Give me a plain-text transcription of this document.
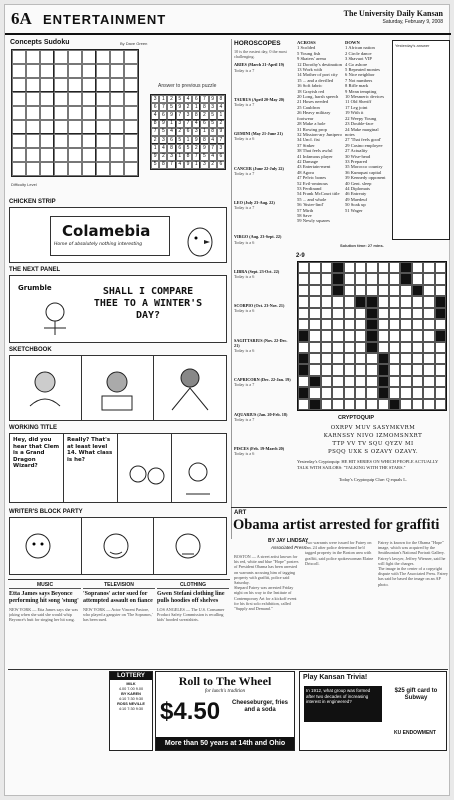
6A ENTERTAINMENT	The University Daily Kansan
Saturday, February 9, 2008
Concepts Sudoku	By Dave Green
Difficulty Level
Answer to previous puzzle
3	1	2	5	4	6	7	9	8
6	7	5	9	2	1	8	3	4
4	6	9	7	3	8	2	5	1
8	9	1	3	7	4	6	5	2
7	5	4	2	6	3	1	8	9
2	3	6	5	1	9	8	4	7
1	4	8	6	5	2	9	7	3
9	2	3	1	8	7	5	4	6
5	8	7	4	9	1	3	2	6
CHICKEN STRIP
Colamebia
Home of absolutely nothing interesting
THE NEXT PANEL
Grumble	SHALL I COMPARE THEE TO A WINTER'S DAY?
SKETCHBOOK
WORKING TITLE
Hey, did you hear that Clem is a Grand Dragon Wizard?
Really? That's at least level 14. What class is he?
WRITER'S BLOCK PARTY
HOROSCOPES
10 is the easiest day, 0 the most challenging.
ARIES (March 21-April 19)
Today is a 7
TAURUS (April 20-May 20)
Today is a 7
GEMINI (May 21-June 21)
Today is a 6
CANCER (June 22-July 22)
Today is a 7
LEO (July 23-Aug. 22)
Today is a 7
VIRGO (Aug. 23-Sept. 22)
Today is a 6
LIBRA (Sept. 23-Oct. 22)
Today is a 6
SCORPIO (Oct. 23-Nov. 21)
Today is a 6
SAGITTARIUS (Nov. 22-Dec. 21)
Today is a 6
CAPRICORN (Dec. 22-Jan. 19)
Today is a 7
AQUARIUS (Jan. 20-Feb. 18)
Today is a 7
PISCES (Feb. 19-March 20)
Today is a 6
ACROSS
1 Scolded
5 Young fish
9 Skaters' arena
12 Dorothy's destination
13 Work with
14 Mother of port city
15 ... and a devilled
16 Soft fabric
18 Grayish red
20 Long, harsh speech
21 Hoses needed
25 Cauldron
26 Heavy military footwear
28 Make a hole
31 Rowing prop
32 Mission-ary Junipero
34 Uncl. fist
37 Sinker
38 That feels awful
41 Infamous player
42 Damage
43 Entertain-ment
48 Agora
47 Pelvic bones
52 Evil-ominous
53 Ferdinand
54 Frank McCourt title
55 ... and whole
56 'Sister-lind'
57 Mirth
58 Save
59 Newly squares
DOWN
1 African nation
2 Circle dance
3 Shavuot VIP
4 Go ashore
5 Repeated monies
6 Nice neighbor
7 Not numbers
8 Rifle mark
9 Mean tempting
10 Mesmeric devices
11 Old Sheriff
17 Leg joint
19 With it
22 Weepy Young
23 Double-face
24 Make marginal notes
27 'That feels good'
29 Casino employee
27 Actuality
30 Wise-head
33 Prepared
35 Morocco country
36 Kumquat capital
39 Kennedy opponent
40 Gent. sleep
44 Diplomats
46 Entreaty
49 Maedeuf
50 Soak up
51 Wager
Solution time: 27 mins.
Yesterday's answer
2-9
CRYPTOQUIP
OXRPV MUV SASYMKVRM
KARNSSY NIVO IZMOMSNXRT
TTP VV TV SQU QYZV MI
PSQQ UXK S OZAVY OZAVY.
Yesterday's Cryptoquip: HE HIT SERIES ON WHICH PEOPLE ACTUALLY TALK WITH SAILORS: "TALKING WITH THE STARS."
Today's Cryptoquip Clue: Q equals L.
ART
Obama artist arrested for graffiti
BY JAY LINDSAY
Associated Press

BOSTON — A street artist known for his red, white and blue "Hope" posters of President Obama has been arrested on warrants accusing him of tagging property with graffiti, police said Saturday.

Shepard Fairey was arrested Friday night on his way to the Institute of Contemporary Art for a kickoff event for his first solo exhibition, called "Supply and Demand."

Two warrants were issued for Fairey on Jan. 24 after police determined he'd tagged property in the Boston area with graffiti, said police spokeswoman Elaine Driscoll.

Fairey is known for the Obama "Hope" image, which was acquired by the Smithsonian's National Portrait Gallery. Fairey's lawyer, Jeffrey Wiesner, said he will fight the charges.

The image in the center of a copyright dispute with The Associated Press. Fairey has said he based the image on an AP photo.

MUSIC
Etta James says Beyonce performing hit song 'stung'
NEW YORK — Etta James says she was joking when she said she would whip Beyonce's butt for singing her hit song.
TELEVISION
'Sopranos' actor sued for attempted assault on fiance
NEW YORK — Actor Vincent Pastore, who played a gangster on 'The Sopranos,' has been sued.
CLOTHING
Gwen Stefani clothing line pulls hoodies off shelves
LOS ANGELES — The U.S. Consumer Product Safety Commission is recalling kids' hooded sweatshirts.
LOTTERY
MILK
4.00 7.00 9.00
BY KAREN
4:10 7:30 9:30
ROSS NEVILLE
4:10 7:30 9:30
Roll to The Wheel
for lunch's tradition
$4.50	Cheeseburger, fries and a soda
More than 50 years at 14th and Ohio
Play Kansan Trivia!
In 1912, what group was formed after two decades of increasing interest in engineered?
$25 gift card to Subway
KU ENDOWMENT
